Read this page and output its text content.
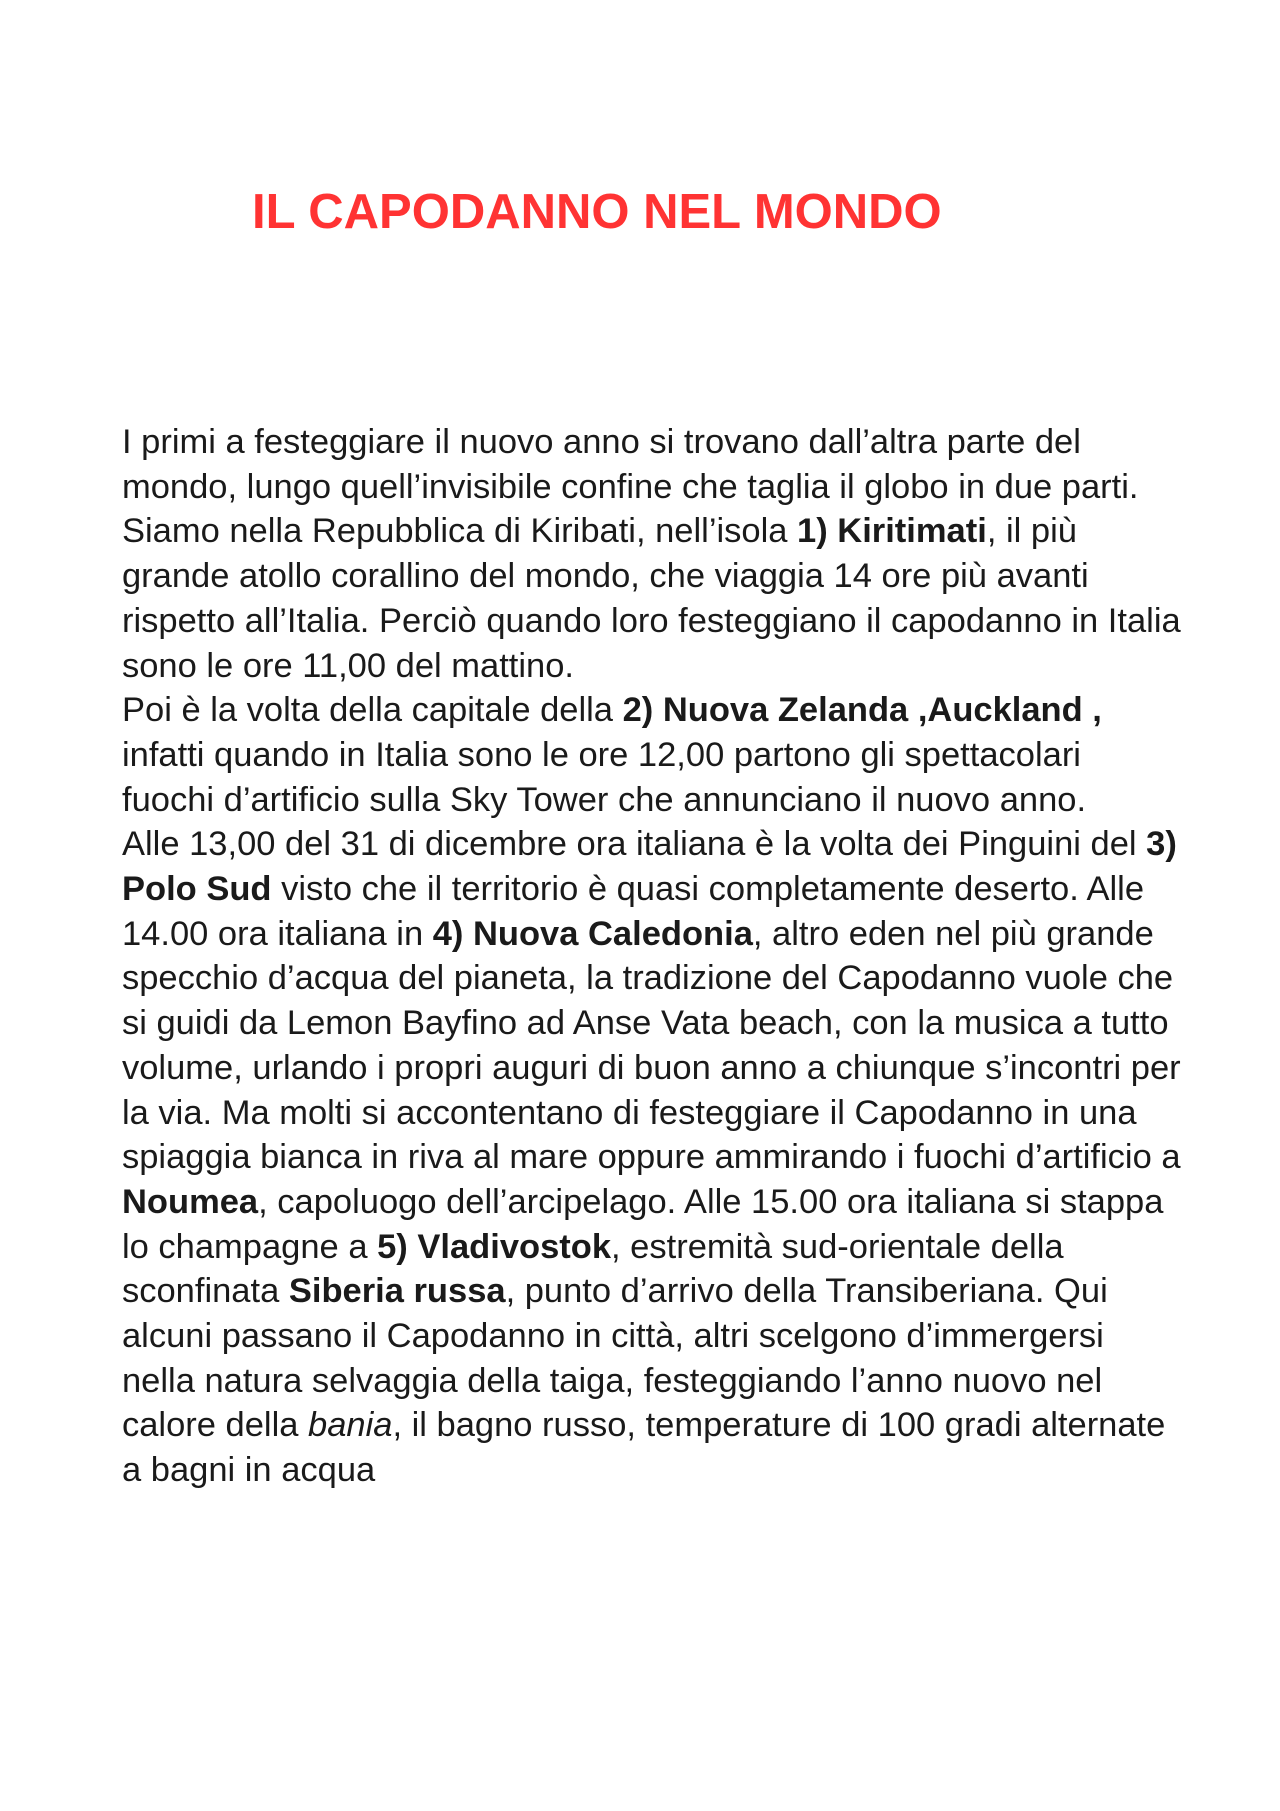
IL CAPODANNO NEL MONDO

I primi a festeggiare il nuovo anno si trovano dall’altra parte del mondo, lungo quell’invisibile confine che taglia il globo in due parti. Siamo nella Repubblica di Kiribati, nell’isola 1) Kiritimati, il più grande atollo corallino del mondo, che viaggia 14 ore più avanti rispetto all’Italia. Perciò quando loro festeggiano il capodanno in Italia sono le ore 11,00 del mattino.

Poi è la volta della capitale della 2) Nuova Zelanda ,Auckland , infatti quando in Italia sono le ore 12,00 partono gli spettacolari fuochi d’artificio sulla Sky Tower che annunciano il nuovo anno.

Alle 13,00 del 31 di dicembre ora italiana è la volta dei Pinguini del 3) Polo Sud visto che il territorio è quasi completamente deserto. Alle 14.00 ora italiana in 4) Nuova Caledonia, altro eden nel più grande specchio d’acqua del pianeta, la tradizione del Capodanno vuole che si guidi da Lemon Bayfino ad Anse Vata beach, con la musica a tutto volume, urlando i propri auguri di buon anno a chiunque s’incontri per la via. Ma molti si accontentano di festeggiare il Capodanno in una spiaggia bianca in riva al mare oppure ammirando i fuochi d’artificio a Noumea, capoluogo dell’arcipelago. Alle 15.00 ora italiana si stappa lo champagne a 5) Vladivostok, estremità sud-orientale della sconfinata Siberia russa, punto d’arrivo della Transiberiana. Qui alcuni passano il Capodanno in città, altri scelgono d’immergersi nella natura selvaggia della taiga, festeggiando l’anno nuovo nel calore della bania, il bagno russo, temperature di 100 gradi alternate a bagni in acqua
